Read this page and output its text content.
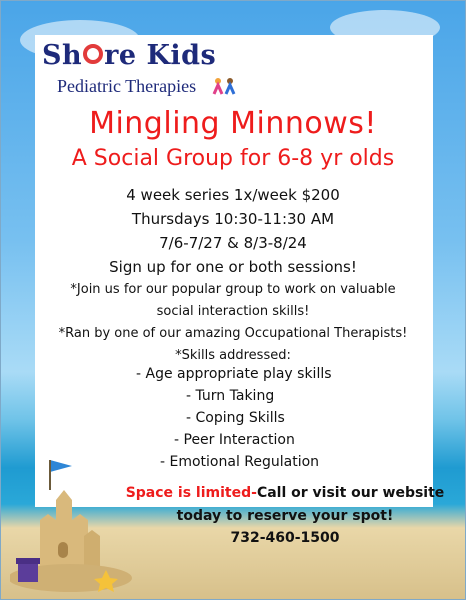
Sh re Kids
Pediatric Therapies
Mingling Minnows!
A Social Group for 6-8 yr olds
4 week series 1x/week $200
Thursdays 10:30-11:30 AM
7/6-7/27 & 8/3-8/24
Sign up for one or both sessions!
*Join us for our popular group to work on valuable
social interaction skills!
*Ran by one of our amazing Occupational Therapists!
*Skills addressed:
- Age appropriate play skills
- Turn Taking
- Coping Skills
- Peer Interaction
- Emotional Regulation
Space is limited-Call or visit our website
today to reserve your spot!
732-460-1500
